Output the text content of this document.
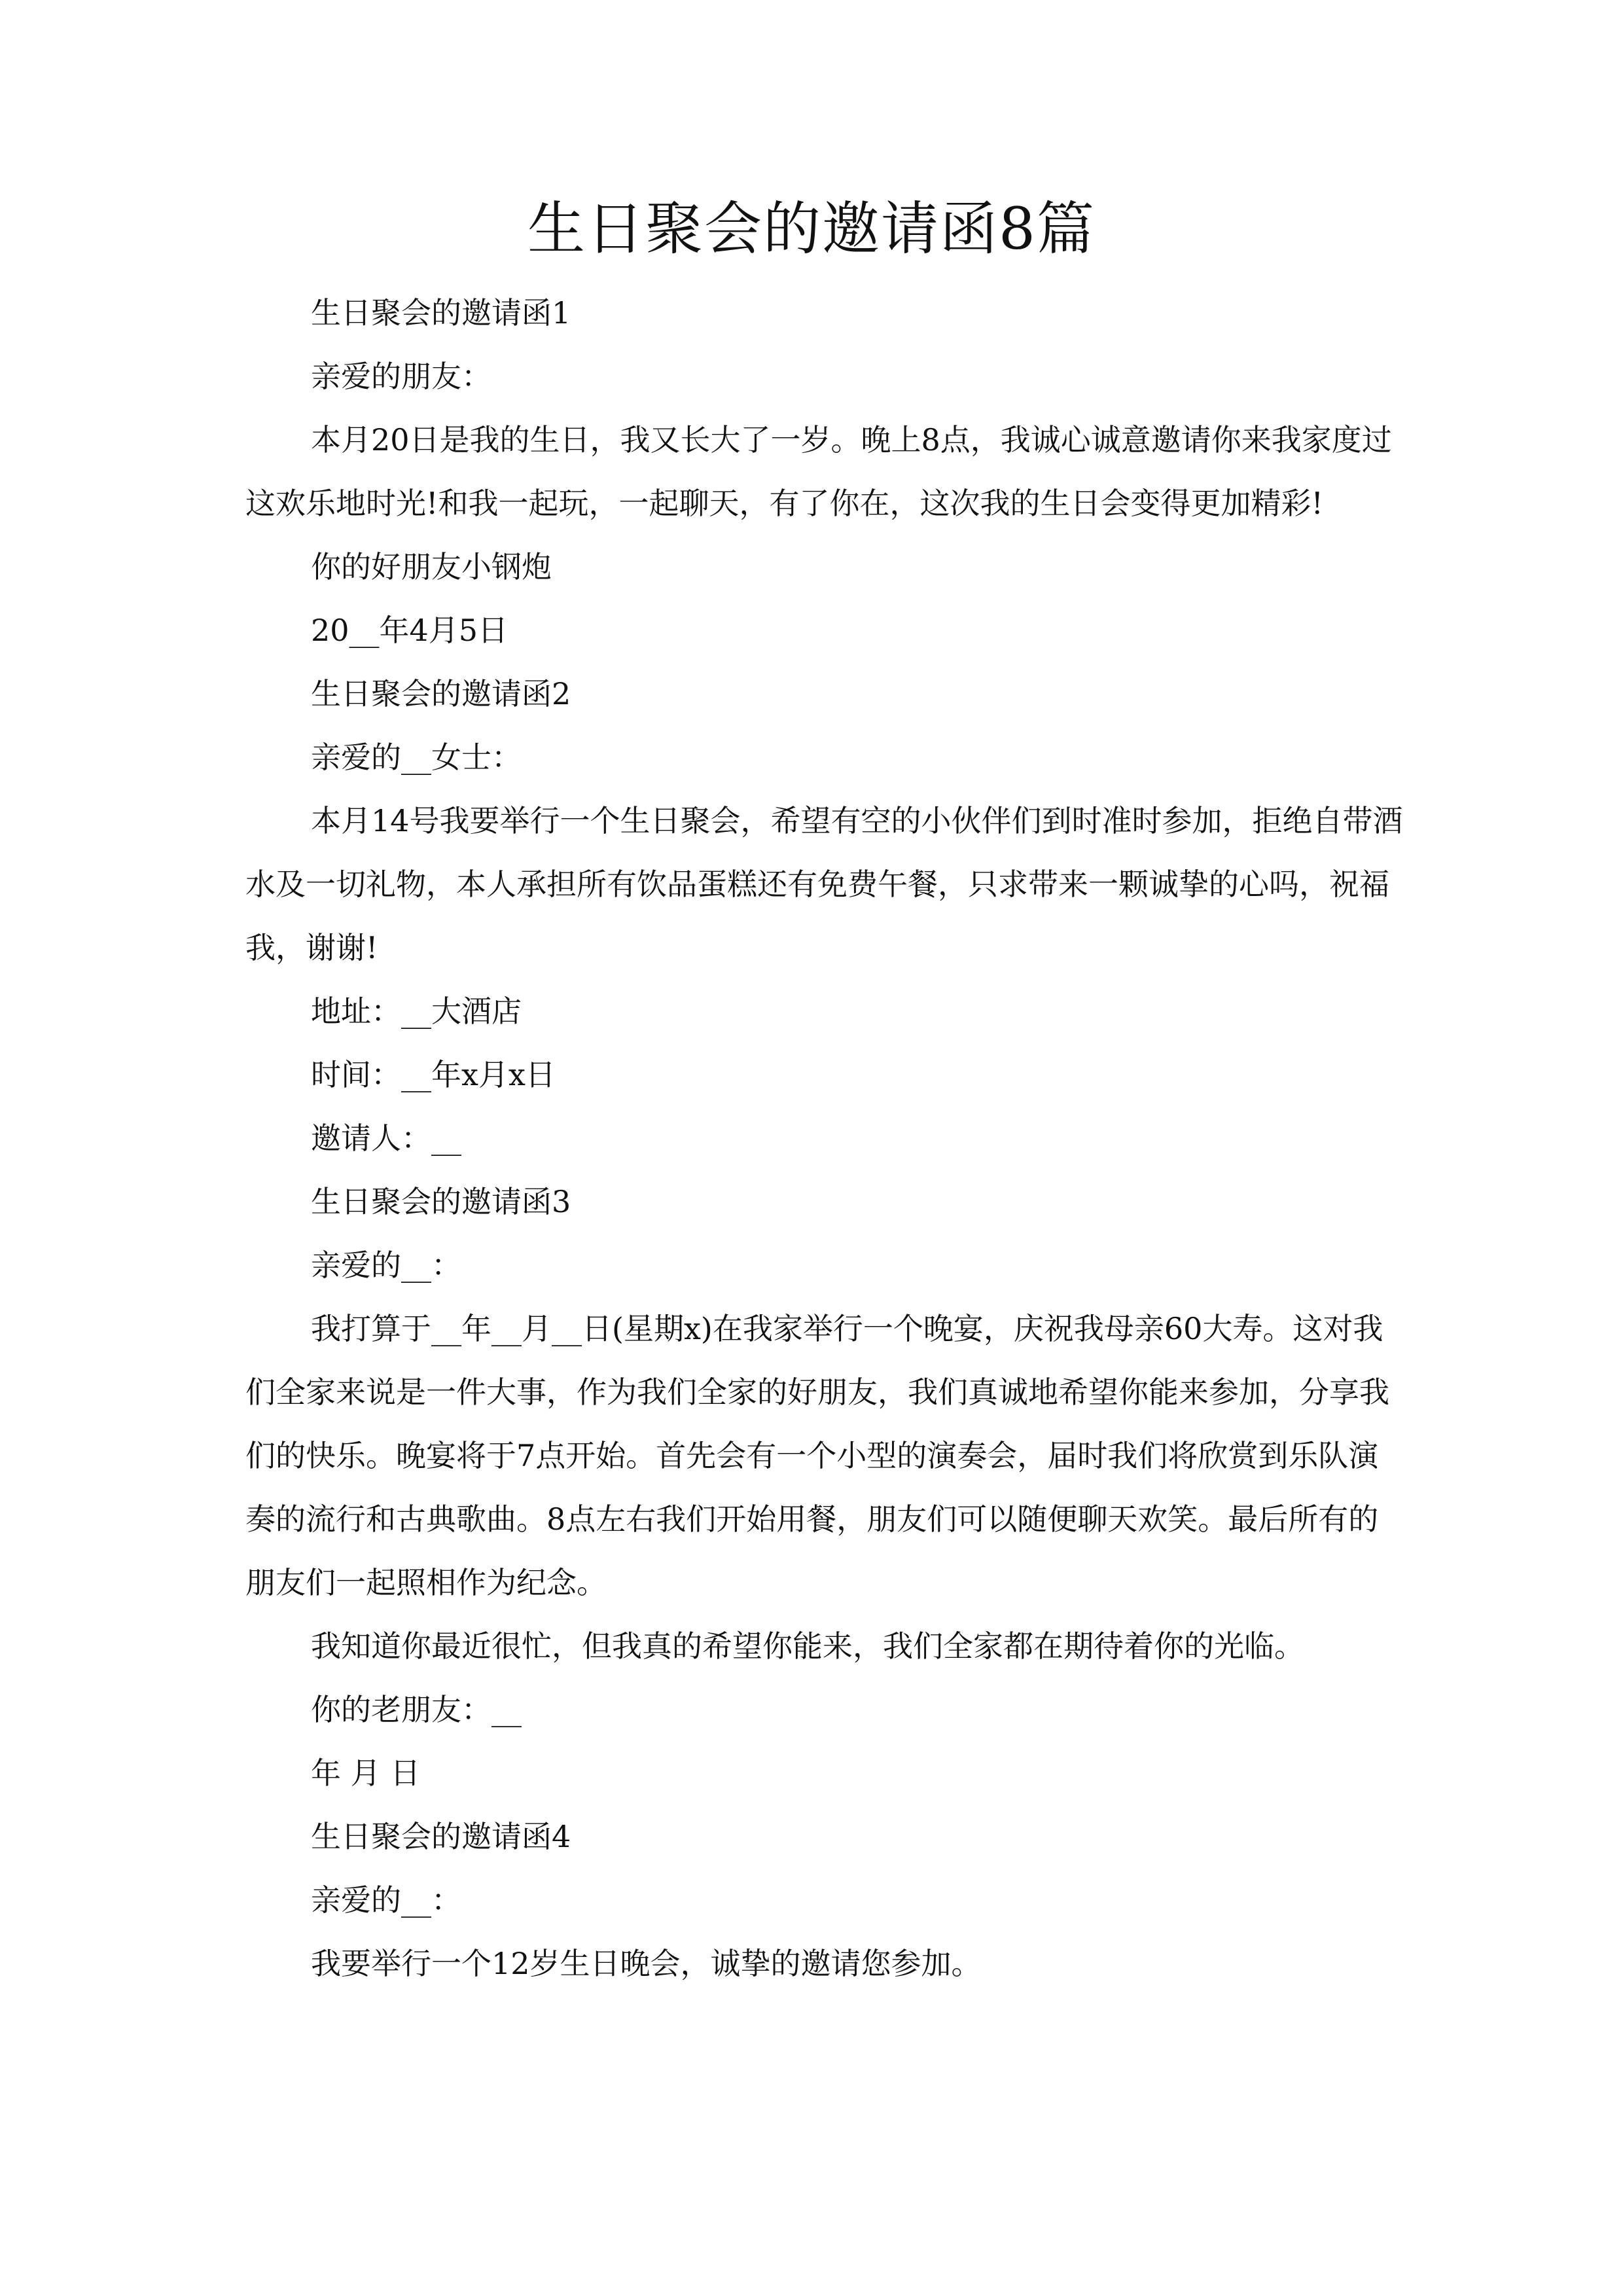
生日聚会的邀请函8篇

生日聚会的邀请函1

亲爱的朋友：

本月20日是我的生日，我又长大了一岁。晚上8点，我诚心诚意邀请你来我家度过这欢乐地时光!和我一起玩，一起聊天，有了你在，这次我的生日会变得更加精彩!

你的好朋友小钢炮

20__年4月5日

生日聚会的邀请函2

亲爱的__女士：

本月14号我要举行一个生日聚会，希望有空的小伙伴们到时准时参加，拒绝自带酒水及一切礼物，本人承担所有饮品蛋糕还有免费午餐，只求带来一颗诚挚的心吗，祝福我，谢谢!

地址：__大酒店

时间：__年x月x日

邀请人：__

生日聚会的邀请函3

亲爱的__：

我打算于__年__月__日(星期x)在我家举行一个晚宴，庆祝我母亲60大寿。这对我们全家来说是一件大事，作为我们全家的好朋友，我们真诚地希望你能来参加，分享我们的快乐。晚宴将于7点开始。首先会有一个小型的演奏会，届时我们将欣赏到乐队演奏的流行和古典歌曲。8点左右我们开始用餐，朋友们可以随便聊天欢笑。最后所有的朋友们一起照相作为纪念。

我知道你最近很忙，但我真的希望你能来，我们全家都在期待着你的光临。

你的老朋友：__

年 月 日

生日聚会的邀请函4

亲爱的__：

我要举行一个12岁生日晚会，诚挚的邀请您参加。
